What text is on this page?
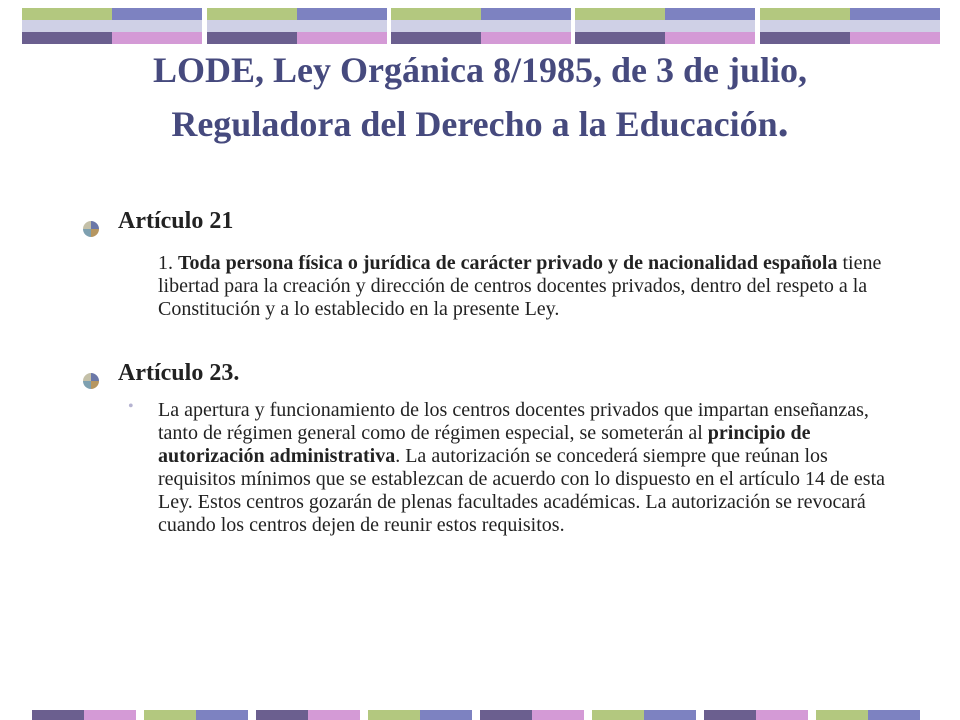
LODE, Ley Orgánica 8/1985, de 3 de julio,
Reguladora del Derecho a la Educación.
Artículo 21
1. Toda persona física o jurídica de carácter privado y de nacionalidad española tiene libertad para la creación y dirección de centros docentes privados, dentro del respeto a la Constitución y a lo establecido en la presente Ley.
Artículo 23.
• La apertura y funcionamiento de los centros docentes privados que impartan enseñanzas, tanto de régimen general como de régimen especial, se someterán al principio de autorización administrativa. La autorización se concederá siempre que reúnan los requisitos mínimos que se establezcan de acuerdo con lo dispuesto en el artículo 14 de esta Ley. Estos centros gozarán de plenas facultades académicas. La autorización se revocará cuando los centros dejen de reunir estos requisitos.
